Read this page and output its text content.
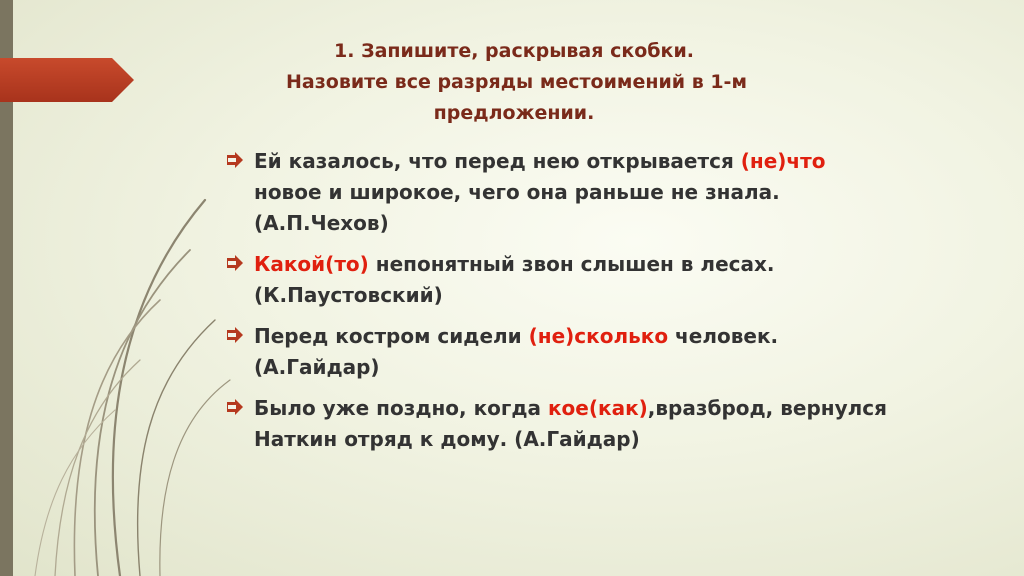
1. Запишите, раскрывая скобки.
Назовите все разряды местоимений в 1-м
предложении.
Ей казалось, что перед нею открывается (не)что
новое и широкое, чего она раньше не знала.
(А.П.Чехов)
Какой(то) непонятный звон слышен в лесах.
(К.Паустовский)
Перед костром сидели (не)сколько человек.
(А.Гайдар)
Было уже поздно, когда кое(как),вразброд, вернулся
Наткин отряд к дому. (А.Гайдар)
